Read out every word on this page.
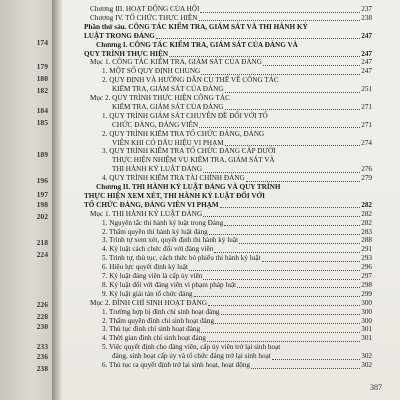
174
179
180
182
184
185
189
196
197
198
202
218
224
226
228
230
233
236
238
Chương III. HOẠT ĐỘNG CỦA HỘI	237
Chương IV. TỔ CHỨC THỰC HIỆN	238
Phần thứ sáu. CÔNG TÁC KIỂM TRA, GIÁM SÁT VÀ THI HÀNH KỶ
LUẬT TRONG ĐẢNG	247
Chương I. CÔNG TÁC KIỂM TRA, GIÁM SÁT CỦA ĐẢNG VÀ
QUY TRÌNH THỰC HIỆN	247
Mục 1. CÔNG TÁC KIỂM TRA, GIÁM SÁT CỦA ĐẢNG	247
1. MỘT SỐ QUY ĐỊNH CHUNG	247
2. QUY ĐỊNH VÀ HƯỚNG DẪN CỤ THỂ VỀ CÔNG TÁC
KIỂM TRA, GIÁM SÁT CỦA ĐẢNG	251
Mục 2. QUY TRÌNH THỰC HIỆN CÔNG TÁC
KIỂM TRA, GIÁM SÁT CỦA ĐẢNG	271
1. QUY TRÌNH GIÁM SÁT CHUYÊN ĐỀ ĐỐI VỚI TỔ
CHỨC ĐẢNG, ĐẢNG VIÊN	271
2. QUY TRÌNH KIỂM TRA TỔ CHỨC ĐẢNG, ĐẢNG
VIÊN KHI CÓ DẤU HIỆU VI PHẠM	274
3. QUY TRÌNH KIỂM TRA TỔ CHỨC ĐẢNG CẤP DƯỚI
THỰC HIỆN NHIỆM VỤ KIỂM TRA, GIÁM SÁT VÀ
THI HÀNH KỶ LUẬT ĐẢNG	276
4. QUY TRÌNH KIỂM TRA TÀI CHÍNH ĐẢNG	279
Chương II. THI HÀNH KỶ LUẬT ĐẢNG VÀ QUY TRÌNH
THỰC HIỆN XEM XÉT, THI HÀNH KỶ LUẬT ĐỐI VỚI
TỔ CHỨC ĐẢNG, ĐẢNG VIÊN VI PHẠM	282
Mục 1. THI HÀNH KỶ LUẬT ĐẢNG	282
1. Nguyên tắc thi hành kỷ luật trong Đảng	282
2. Thẩm quyền thi hành kỷ luật đảng	283
3. Trình tự xem xét, quyết định thi hành kỷ luật	288
4. Kỷ luật cách chức đối với đảng viên	291
5. Trình tự, thủ tục, cách thức bỏ phiếu thi hành kỷ luật	293
6. Hiệu lực quyết định kỷ luật	296
7. Kỷ luật đảng viên là cấp ủy viên	297
8. Kỷ luật đối với đảng viên vi phạm pháp luật	298
9. Kỷ luật giải tán tổ chức đảng	299
Mục 2. ĐÌNH CHỈ SINH HOẠT ĐẢNG	300
1. Trường hợp bị đình chỉ sinh hoạt đảng	300
2. Thẩm quyền đình chỉ sinh hoạt đảng	300
3. Thủ tục đình chỉ sinh hoạt đảng	301
4. Thời gian đình chỉ sinh hoạt đảng	301
5. Việc quyết định cho đảng viên, cấp ủy viên trở lại sinh hoạt
đảng, sinh hoạt cấp ủy và tổ chức đảng trở lại sinh hoạt	302
6. Thủ tục ra quyết định trở lại sinh hoạt, hoạt động	302
387
